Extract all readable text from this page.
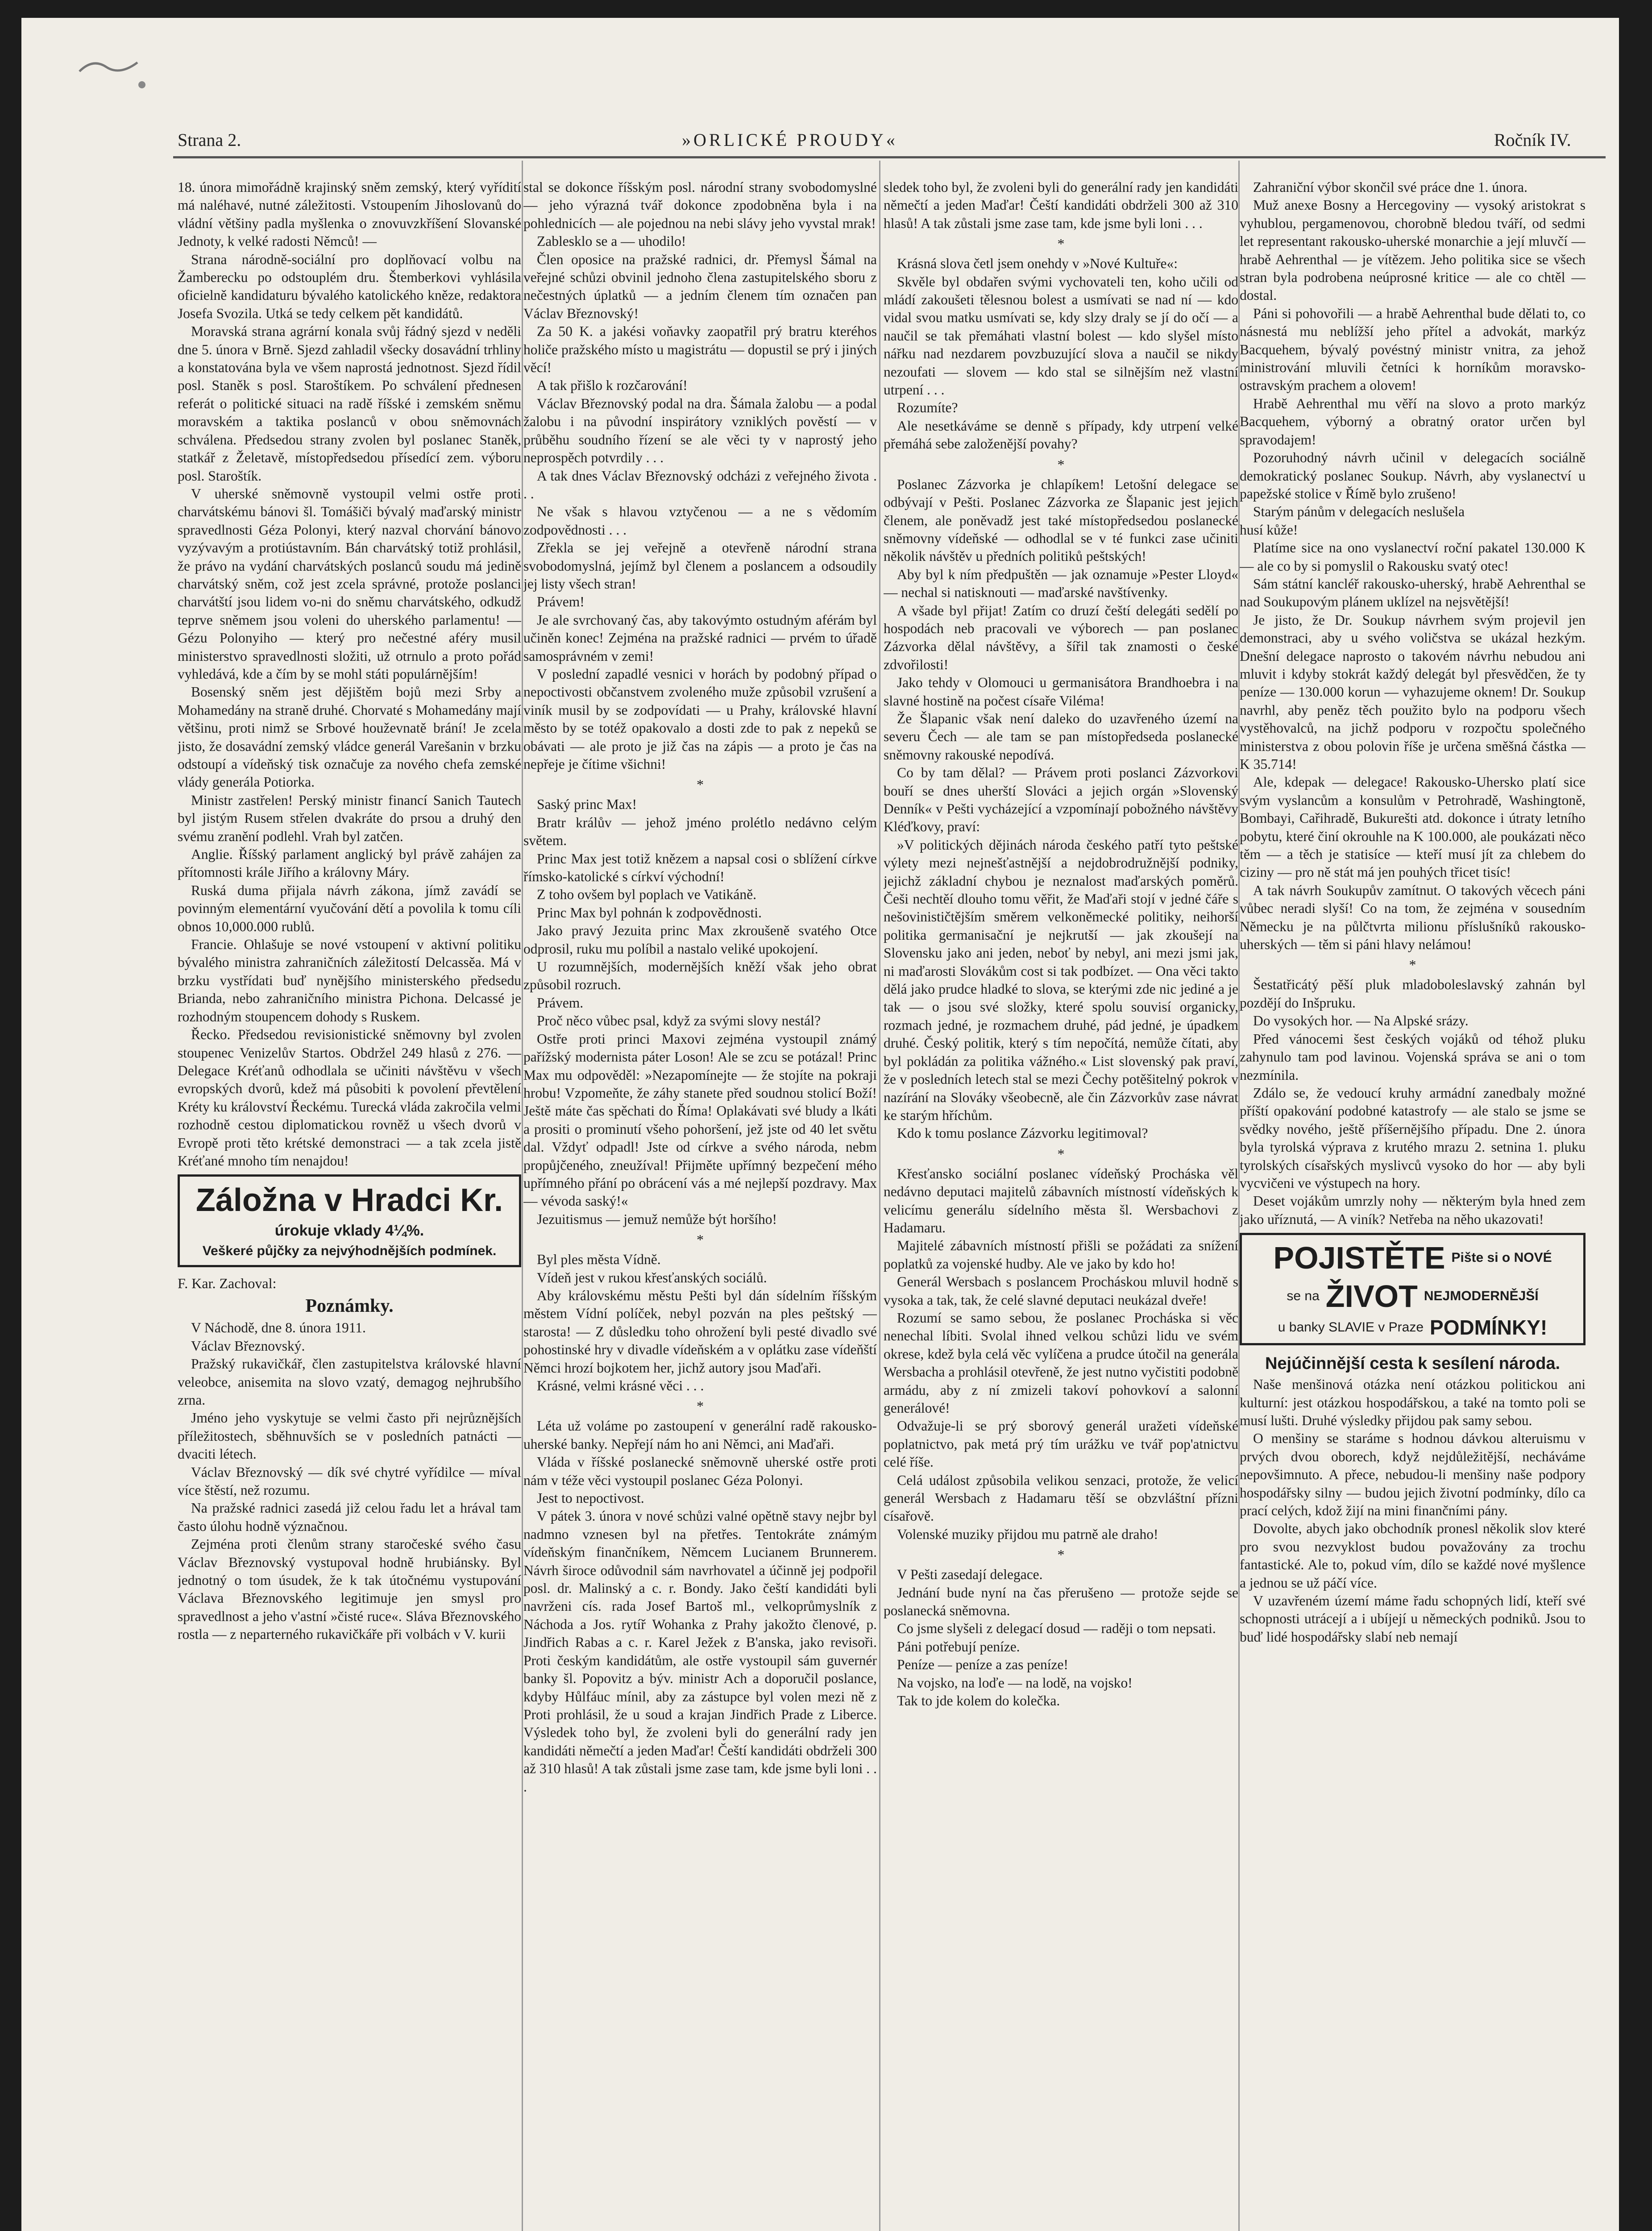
Strana 2.	»ORLICKÉ PROUDY«	Ročník IV.

18. února mimořádně krajinský sněm zemský, který vyřídití má naléhavé, nutné záležitosti. Vstoupením Jihoslovanů do vládní většiny padla myšlenka o znovuvzkříšení Slovanské Jednoty, k velké radosti Němců! —

Strana národně-sociální pro doplňovací volbu na Žamberecku po odstouplém dru. Štemberkovi vyhlásila oficielně kandidaturu bývalého katolického kněze, redaktora Josefa Svozila. Utká se tedy celkem pět kandidátů.

Moravská strana agrární konala svůj řádný sjezd v neděli dne 5. února v Brně. Sjezd zahladil všecky dosavádní trhliny a konstatována byla ve všem naprostá jednotnost. Sjezd řídil posl. Staněk s posl. Staroštíkem. Po schválení přednesen referát o politické situaci na radě říšské i zemském sněmu moravském a taktika poslanců v obou sněmovnách schválena. Předsedou strany zvolen byl poslanec Staněk, statkář z Želetavě, místopředsedou přísedící zem. výboru posl. Staroštík.

V uherské sněmovně vystoupil velmi ostře proti charvátskému bánovi šl. Tomášiči bývalý maďarský ministr spravedlnosti Géza Polonyi, který nazval chorvání bánovo vyzývavým a protiústavním. Bán charvátský totiž prohlásil, že právo na vydání charvátských poslanců soudu má jedině charvátský sněm, což jest zcela správné, protože poslanci charvátští jsou lidem vo-ni do sněmu charvátského, odkudž teprve sněmem jsou voleni do uherského parlamentu! — Gézu Polonyiho — který pro nečestné aféry musil ministerstvo spravedlnosti složiti, už otrnulo a proto pořád vyhledává, kde a čím by se mohl státi populárnějším!

Bosenský sněm jest dějištěm bojů mezi Srby a Mohamedány na straně druhé. Chorvaté s Mohamedány mají většinu, proti nimž se Srbové houževnatě brání! Je zcela jisto, že dosavádní zemský vládce generál Varešanin v brzku odstoupí a vídeňský tisk označuje za nového chefa zemské vlády generála Potiorka.

Ministr zastřelen! Perský ministr financí Sanich Tautech byl jistým Rusem střelen dvakráte do prsou a druhý den svému zranění podlehl. Vrah byl zatčen.

Anglie. Říšský parlament anglický byl právě zahájen za přítomnosti krále Jiřího a královny Máry.

Ruská duma přijala návrh zákona, jímž zavádí se povinným elementární vyučování dětí a povolila k tomu cíli obnos 10,000.000 rublů.

Francie. Ohlašuje se nové vstoupení v aktivní politiku bývalého ministra zahraničních záležitostí Delcassěa. Má v brzku vystřídati buď nynějšího ministerského předsedu Brianda, nebo zahraničního ministra Pichona. Delcassé je rozhodným stoupencem dohody s Ruskem.

Řecko. Předsedou revisionistické sněmovny byl zvolen stoupenec Venizelův Startos. Obdržel 249 hlasů z 276. — Delegace Kréťanů odhodlala se učiniti návštěvu v všech evropských dvorů, kdež má působiti k povolení převtělení Kréty ku království Řeckému. Turecká vláda zakročila velmi rozhodně cestou diplomatickou rovněž u všech dvorů v Evropě proti těto krétské demonstraci — a tak zcela jistě Kréťané mnoho tím nenajdou!

Záložna v Hradci Kr.
úrokuje vklady 4¼%.
Veškeré půjčky za nejvýhodnějších podmínek.
F. Kar. Zachoval:
Poznámky.

V Náchodě, dne 8. února 1911.

Václav Březnovský.

Pražský rukavičkář, člen zastupitelstva královské hlavní veleobce, anisemita na slovo vzatý, demagog nejhrubšího zrna.

Jméno jeho vyskytuje se velmi často při nejrůznějších příležitostech, sběhnuvších se v posledních patnácti — dvaciti létech.

Václav Březnovský — dík své chytré vyřídilce — míval více štěstí, než rozumu.

Na pražské radnici zasedá již celou řadu let a hrával tam často úlohu hodně význačnou.

Zejména proti členům strany staročeské svého času Václav Březnovský vystupoval hodně hrubiánsky. Byl jednotný o tom úsudek, že k tak útočnému vystupování Václava Březnovského legitimuje jen smysl pro spravedlnost a jeho v'astní »čisté ruce«. Sláva Březnovského rostla — z neparterného rukavičkáře při volbách v V. kurii

stal se dokonce říšským posl. národní strany svobodomyslné — jeho výrazná tvář dokonce zpodobněna byla i na pohlednicích — ale pojednou na nebi slávy jeho vyvstal mrak!

Zablesklo se a — uhodilo!

Člen oposice na pražské radnici, dr. Přemysl Šámal na veřejné schůzi obvinil jednoho člena zastupitelského sboru z nečestných úplatků — a jedním členem tím označen pan Václav Březnovský!

Za 50 K. a jakési voňavky zaopatřil prý bratru kteréhos holiče pražského místo u magistrátu — dopustil se prý i jiných věcí!

A tak přišlo k rozčarování!

Václav Březnovský podal na dra. Šámala žalobu — a podal žalobu i na původní inspirátory vzniklých pověstí — v průběhu soudního řízení se ale věci ty v naprostý jeho neprospěch potvrdily . . .

A tak dnes Václav Březnovský odcházi z veřejného života . . .

Ne však s hlavou vztyčenou — a ne s vědomím zodpovědnosti . . .

Zřekla se jej veřejně a otevřeně národní strana svobodomyslná, jejímž byl členem a poslancem a odsoudily jej listy všech stran!

Právem!

Je ale svrchovaný čas, aby takovýmto ostudným aférám byl učiněn konec! Zejména na pražské radnici — prvém to úřadě samosprávném v zemi!

V poslední zapadlé vesnici v horách by podobný případ o nepoctivosti občanstvem zvoleného muže způsobil vzrušení a viník musil by se zodpovídati — u Prahy, královské hlavní město by se totéž opakovalo a dosti zde to pak z nepeků se obávati — ale proto je již čas na zápis — a proto je čas na nepřeje je čítime všichni!

*

Saský princ Max!

Bratr králův — jehož jméno prolétlo nedávno celým světem.

Princ Max jest totiž knězem a napsal cosi o sblížení církve římsko-katolické s církví východní!

Z toho ovšem byl poplach ve Vatikáně.

Princ Max byl pohnán k zodpovědnosti.

Jako pravý Jezuita princ Max zkroušeně svatého Otce odprosil, ruku mu políbil a nastalo veliké upokojení.

U rozumnějších, modernějších kněží však jeho obrat způsobil rozruch.

Právem.

Proč něco vůbec psal, když za svými slovy nestál?

Ostře proti princi Maxovi zejména vystoupil známý pařížský modernista páter Loson! Ale se zcu se potázal! Princ Max mu odpověděl: »Nezapomínejte — že stojíte na pokraji hrobu! Vzpomeňte, že záhy stanete před soudnou stolicí Boží! Ještě máte čas spěchati do Říma! Oplakávati své bludy a lkáti a prositi o prominutí všeho pohoršení, jež jste od 40 let světu dal. Vždyť odpadl! Jste od církve a svého národa, nebm propůjčeného, zneužíval! Přijměte upřímný bezpečení mého upřímného přání po obrácení vás a mé nejlepší pozdravy. Max — vévoda saský!«

Jezuitismus — jemuž nemůže být horšího!

*

Byl ples města Vídně.

Vídeň jest v rukou křesťanských sociálů.

Aby královskému městu Pešti byl dán sídelním říšským městem Vídní políček, nebyl pozván na ples peštský — starosta! — Z důsledku toho ohrožení byli pesté divadlo své pohostinské hry v divadle vídeňském a v oplátku zase vídeňští Němci hrozí bojkotem her, jichž autory jsou Maďaři.

Krásné, velmi krásné věci . . .

*

Léta už voláme po zastoupení v generální radě rakousko-uherské banky. Nepřejí nám ho ani Němci, ani Maďaři.

Vláda v říšské poslanecké sněmovně uherské ostře proti nám v téže věci vystoupil poslanec Géza Polonyi.

Jest to nepoctivost.

V pátek 3. února v nové schůzi valné opětně stavy nejbr byl nadmno vznesen byl na přetřes. Tentokráte známým vídeňským finančníkem, Němcem Lucianem Brunnerem. Návrh široce odůvodnil sám navrhovatel a účinně jej podpořil posl. dr. Malinský a c. r. Bondy. Jako čeští kandidáti byli navrženi cís. rada Josef Bartoš ml., velkoprůmyslník z Náchoda a Jos. rytíř Wohanka z Prahy jakožto členové, p. Jindřich Rabas a c. r. Karel Ježek z B'anska, jako revisoři. Proti českým kandidátům, ale ostře vystoupil sám guvernér banky šl. Popovitz a býv. ministr Ach a doporučil poslance, kdyby Hůlfáuc mínil, aby za zástupce byl volen mezi ně z Proti prohlásil, že u soud a krajan Jindřich Prade z Liberce. Výsledek toho byl, že zvoleni byli do generální rady jen kandidáti němečtí a jeden Maďar! Čeští kandidáti obdrželi 300 až 310 hlasů! A tak zůstali jsme zase tam, kde jsme byli loni . . .

sledek toho byl, že zvoleni byli do generální rady jen kandidáti němečtí a jeden Maďar! Čeští kandidáti obdrželi 300 až 310 hlasů! A tak zůstali jsme zase tam, kde jsme byli loni . . .

*

Krásná slova četl jsem onehdy v »Nové Kultuře«:

Skvěle byl obdařen svými vychovateli ten, koho učili od mládí zakoušeti tělesnou bolest a usmívati se nad ní — kdo vidal svou matku usmívati se, kdy slzy draly se jí do očí — a naučil se tak přemáhati vlastní bolest — kdo slyšel místo nářku nad nezdarem povzbuzující slova a naučil se nikdy nezoufati — slovem — kdo stal se silnějším než vlastní utrpení . . .

Rozumíte?

Ale nesetkáváme se denně s případy, kdy utrpení velké přemáhá sebe založenější povahy?

*

Poslanec Zázvorka je chlapíkem! Letošní delegace se odbývají v Pešti. Poslanec Zázvorka ze Šlapanic jest jejich členem, ale poněvadž jest také místopředsedou poslanecké sněmovny vídeňské — odhodlal se v té funkci zase učiniti několik návštěv u předních politiků peštských!

Aby byl k ním předpuštěn — jak oznamuje »Pester Lloyd« — nechal si natisknouti — maďarské navštívenky.

A všade byl přijat! Zatím co druzí čeští delegáti sedělí po hospodách neb pracovali ve výborech — pan poslanec Zázvorka dělal návštěvy, a šířil tak znamosti o české zdvořilosti!

Jako tehdy v Olomouci u germanisátora Brandhoebra i na slavné hostině na počest císaře Viléma!

Že Šlapanic však není daleko do uzavřeného území na severu Čech — ale tam se pan místopředseda poslanecké sněmovny rakouské nepodívá.

Co by tam dělal? — Právem proti poslanci Zázvorkovi bouří se dnes uherští Slováci a jejich orgán »Slovenský Denník« v Pešti vycházející a vzpomínají pobožného návštěvy Kléďkovy, praví:

»V politických dějinách národa českého patří tyto peštské výlety mezi nejnešťastnější a nejdobrodružnější podniky, jejichž základní chybou je neznalost maďarských poměrů. Češi nechtěí dlouho tomu věřit, že Maďaři stojí v jedné čáře s nešovinističtějším směrem velkoněmecké politiky, neihorší politika germanisační je nejkrutší — jak zkoušejí na Slovensku jako ani jeden, neboť by nebyl, ani mezi jsmi jak, ni maďarosti Slovákům cost si tak podbízet. — Ona věci takto dělá jako prudce hladké to slova, se kterými zde nic jediné a je tak — o jsou své složky, které spolu souvisí organicky, rozmach jedné, je rozmachem druhé, pád jedné, je úpadkem druhé. Český politik, který s tím nepočítá, nemůže čítati, aby byl pokládán za politika vážného.« List slovenský pak praví, že v posledních letech stal se mezi Čechy potěšitelný pokrok v nazírání na Slováky všeobecně, ale čin Zázvorkův zase návrat ke starým hříchům.

Kdo k tomu poslance Zázvorku legitimoval?

*

Křesťansko sociální poslanec vídeňský Procháska věl nedávno deputaci majitelů zábavních místností vídeňských k velicímu generálu sídelního města šl. Wersbachovi z Hadamaru.

Majitelé zábavních místností přišli se požádati za snížení poplatků za vojenské hudby. Ale ve jako by kdo ho!

Generál Wersbach s poslancem Procháskou mluvil hodně s vysoka a tak, tak, že celé slavné deputaci neukázal dveře!

Rozumí se samo sebou, že poslanec Procháska si věc nenechal líbiti. Svolal ihned velkou schůzi lidu ve svém okrese, kdež byla celá věc vylíčena a prudce útočil na generála Wersbacha a prohlásil otevřeně, že jest nutno vyčistiti podobně armádu, aby z ní zmizeli takoví pohovkoví a salonní generálové!

Odvažuje-li se prý sborový generál uražeti vídeňské poplatnictvo, pak metá prý tím urážku ve tvář pop'atnictvu celé říše.

Celá událost způsobila velikou senzaci, protože, že velicí generál Wersbach z Hadamaru těší se obzvláštní přízni císařově.

Volenské muziky přijdou mu patrně ale draho!

*

V Pešti zasedají delegace.

Jednání bude nyní na čas přerušeno — protože sejde se poslanecká sněmovna.

Co jsme slyšeli z delegací dosud — raději o tom nepsati.

Páni potřebují peníze.

Peníze — peníze a zas peníze!

Na vojsko, na loďe — na lodě, na vojsko!

Tak to jde kolem do kolečka.

Zahraniční výbor skončil své práce dne 1. února.

Muž anexe Bosny a Hercegoviny — vysoký aristokrat s vyhublou, pergamenovou, chorobně bledou tváří, od sedmi let representant rakousko-uherské monarchie a její mluvčí — hrabě Aehrenthal — je vítězem. Jeho politika sice se všech stran byla podrobena neúprosné kritice — ale co chtěl — dostal.

Páni si pohovořili — a hrabě Aehrenthal bude dělati to, co násnestá mu neblížší jeho přítel a advokát, markýz Bacquehem, bývalý povéstný ministr vnitra, za jehož ministrování mluvili četníci k horníkům moravsko-ostravským prachem a olovem!

Hrabě Aehrenthal mu věří na slovo a proto markýz Bacquehem, výborný a obratný orator určen byl spravodajem!

Pozoruhodný návrh učinil v delegacích sociálně demokratický poslanec Soukup. Návrh, aby vyslanectví u papežské stolice v Římě bylo zrušeno!

Starým pánům v delegacích neslušela

husí kůže!

Platíme sice na ono vyslanectví roční pakatel 130.000 K — ale co by si pomyslil o Rakousku svatý otec!

Sám státní kancléř rakousko-uherský, hrabě Aehrenthal se nad Soukupovým plánem uklízel na nejsvětější!

Je jisto, že Dr. Soukup návrhem svým projevil jen demonstraci, aby u svého voličstva se ukázal hezkým. Dnešní delegace naprosto o takovém návrhu nebudou ani mluvit i kdyby stokrát každý delegát byl přesvědčen, že ty peníze — 130.000 korun — vyhazujeme oknem! Dr. Soukup navrhl, aby peněz těch použito bylo na podporu všech vystěhovalců, na jichž podporu v rozpočtu společného ministerstva z obou polovin říše je určena směšná částka — K 35.714!

Ale, kdepak — delegace! Rakousko-Uhersko platí sice svým vyslancům a konsulům v Petrohradě, Washingtoně, Bombayi, Cařihradě, Bukurešti atd. dokonce i útraty letního pobytu, které činí okrouhle na K 100.000, ale poukázati něco těm — a těch je statisíce — kteří musí jít za chlebem do ciziny — pro ně stát má jen pouhých třicet tisíc!

A tak návrh Soukupův zamítnut. O takových věcech páni vůbec neradi slyší! Co na tom, že zejména v sousedním Německu je na půlčtvrta milionu příslušníků rakousko-uherských — těm si páni hlavy nelámou!

*

Šestatřicátý pěší pluk mladoboleslavský zahnán byl pozdějí do Inšpruku.

Do vysokých hor. — Na Alpské srázy.

Před vánocemi šest českých vojáků od téhož pluku zahynulo tam pod lavinou. Vojenská správa se ani o tom nezmínila.

Zdálo se, že vedoucí kruhy armádní zanedbaly možné příští opakování podobné katastrofy — ale stalo se jsme se svědky nového, ještě příšernějšího případu. Dne 2. února byla tyrolská výprava z krutého mrazu 2. setnina 1. pluku tyrolských císařských myslivců vysoko do hor — aby byli vycvičeni ve výstupech na hory.

Deset vojákům umrzly nohy — některým byla hned zem jako uříznutá, — A viník? Netřeba na něho ukazovati!

POJISTĚTE Pište si o NOVÉ
se na ŽIVOT NEJMODERNĚJŠÍ
u banky SLAVIE v Praze PODMÍNKY!
Nejúčinnější cesta k sesílení národa.

Naše menšinová otázka není otázkou politickou ani kulturní: jest otázkou hospodářskou, a také na tomto poli se musí lušti. Druhé výsledky přijdou pak samy sebou.

O menšiny se staráme s hodnou dávkou alteruismu v prvých dvou oborech, když nejdůležitější, necháváme nepovšimnuto. A přece, nebudou-li menšiny naše podpory hospodářsky silny — budou jejich životní podmínky, dílo ca prací celých, kdož žijí na mini finančními pány.

Dovolte, abych jako obchodník pronesl několik slov které pro svou nezvyklost budou považovány za trochu fantastické. Ale to, pokud vím, dílo se každé nové myšlence a jednou se už páčí více.

V uzavřeném území máme řadu schopných lidí, kteří své schopnosti utrácejí a i ubíjejí u německých podniků. Jsou to buď lidé hospodářsky slabí neb nemají
